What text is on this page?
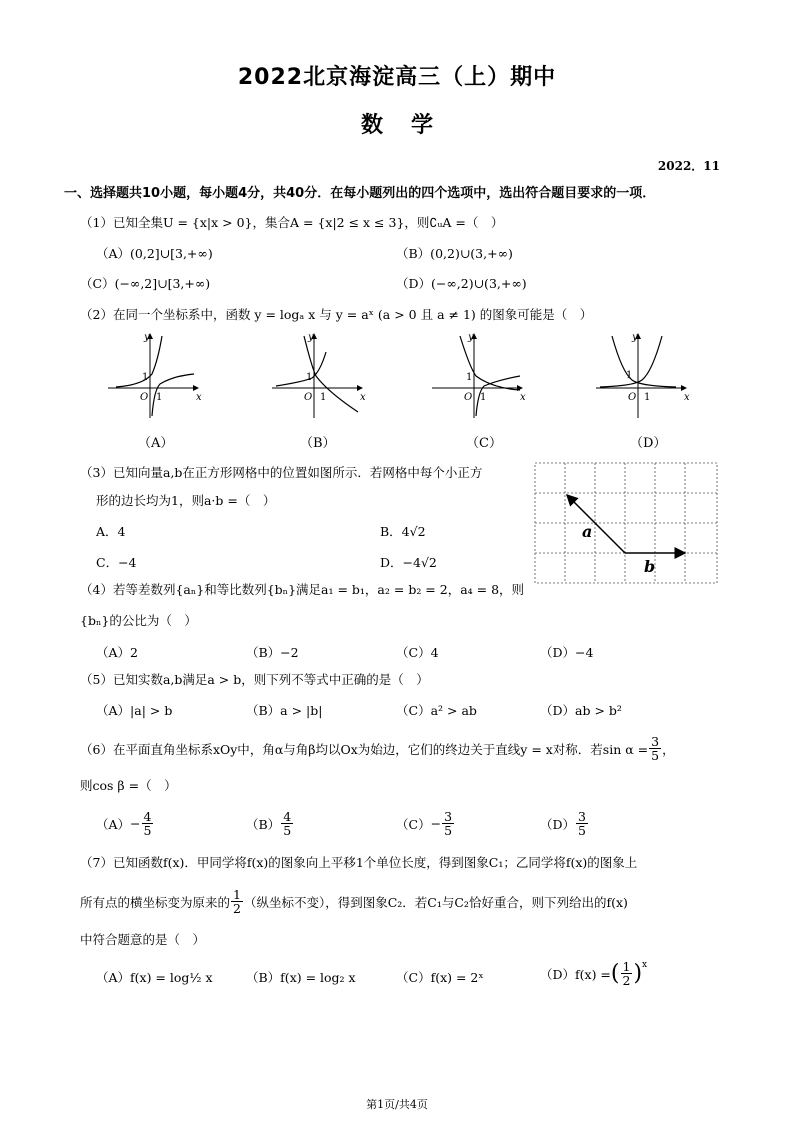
2022北京海淀高三（上）期中
数学
2022．11
一、选择题共10小题，每小题4分，共40分．在每小题列出的四个选项中，选出符合题目要求的一项．
（1）已知全集U = {x|x > 0}，集合A = {x|2 ≤ x ≤ 3}，则∁ᵤA =（　）
（A）(0,2]∪[3,+∞)	（B）(0,2)∪(3,+∞)
（C）(−∞,2]∪[3,+∞)	（D）(−∞,2)∪(3,+∞)
（2）在同一个坐标系中，函数 y = logₐ x 与 y = aˣ (a > 0 且 a ≠ 1) 的图象可能是（　）
y
x
O 1
1
（A）
y
x
O 1
1
（B）
y
x
O 1
1
（C）
y
x
O 1
1
（D）
（3）已知向量a,b在正方形网格中的位置如图所示．若网格中每个小正方
形的边长均为1，则a·b =（　）
A．4	B．4√2
C．−4	D．−4√2
a
b
（4）若等差数列{aₙ}和等比数列{bₙ}满足a₁ = b₁，a₂ = b₂ = 2，a₄ = 8，则
{bₙ}的公比为（　）
（A）2	（B）−2	（C）4	（D）−4
（5）已知实数a,b满足a > b，则下列不等式中正确的是（　）
（A）|a| > b	（B）a > |b|	（C）a² > ab	（D）ab > b²
（6）在平面直角坐标系xOy中，角α与角β均以Ox为始边，它们的终边关于直线y = x对称．若$\sin \alpha = \frac{3}{5}$ ，
则cos β =（　）
$(A) - \frac{4}{5}$	$(B) \frac{4}{5}$	$(C) - \frac{3}{5}$	$(D) \frac{3}{5}$
（7）已知函数f(x)．甲同学将f(x)的图象向上平移1个单位长度，得到图象C₁；乙同学将f(x)的图象上
所有点的横坐标变为原来的 $\frac{1}{2}$ （纵坐标不变），得到图象C₂．若C₁与C₂恰好重合，则下列给出的f(x)
中符合题意的是（　）
（A）f(x) = log½ x	（B）f(x) = log₂ x	（C）f(x) = 2ˣ	（D）f(x) = ( $\frac{1}{2} )^x$
第1页/共4页
